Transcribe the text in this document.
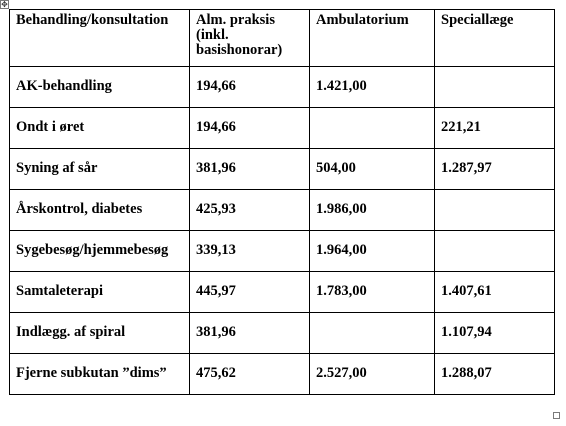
✥
Behandling/konsultation	Alm. praksis (inkl. basishonorar)	Ambulatorium	Speciallæge
AK-behandling	194,66	1.421,00	
Ondt i øret	194,66		221,21
Syning af sår	381,96	504,00	1.287,97
Årskontrol, diabetes	425,93	1.986,00	
Sygebesøg/hjemmebesøg	339,13	1.964,00	
Samtaleterapi	445,97	1.783,00	1.407,61
Indlægg. af spiral	381,96		1.107,94
Fjerne subkutan ”dims”	475,62	2.527,00	1.288,07
